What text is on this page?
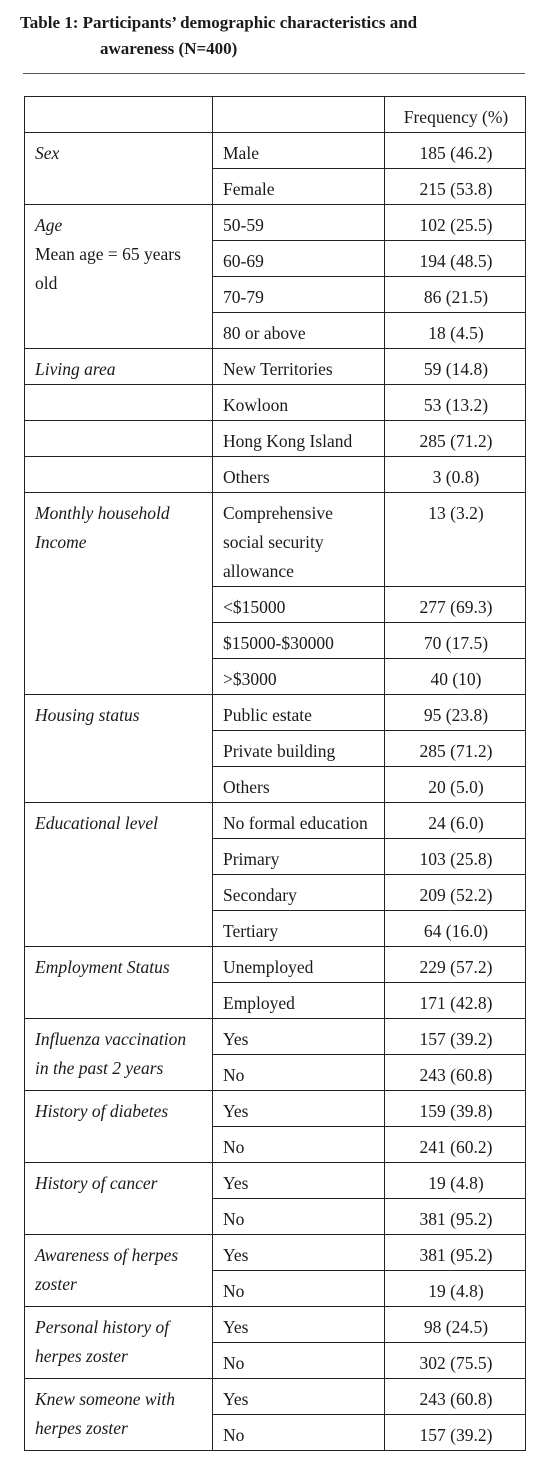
Table 1: Participants’ demographic characteristics and
awareness (N=400)
		Frequency (%)
Sex	Male	185 (46.2)
	Female	215 (53.8)

Age
Mean age = 65 years old	50-59	102 (25.5)
	60-69	194 (48.5)
	70-79	86 (21.5)
	80 or above	18 (4.5)
Living area	New Territories	59 (14.8)
	Kowloon	53 (13.2)
	Hong Kong Island	285 (71.2)
	Others	3 (0.8)
Monthly household Income	Comprehensive social security allowance	13 (3.2)
	<$15000	277 (69.3)
	$15000-$30000	70 (17.5)
	>$3000	40 (10)
Housing status	Public estate	95 (23.8)
	Private building	285 (71.2)
	Others	20 (5.0)
Educational level	No formal education	24 (6.0)
	Primary	103 (25.8)
	Secondary	209 (52.2)
	Tertiary	64 (16.0)
Employment Status	Unemployed	229 (57.2)
	Employed	171 (42.8)
Influenza vaccination in the past 2 years	Yes	157 (39.2)
	No	243 (60.8)
History of diabetes	Yes	159 (39.8)
	No	241 (60.2)
History of cancer	Yes	19 (4.8)
	No	381 (95.2)
Awareness of herpes zoster	Yes	381 (95.2)
	No	19 (4.8)
Personal history of herpes zoster	Yes	98 (24.5)
	No	302 (75.5)
Knew someone with herpes zoster	Yes	243 (60.8)
	No	157 (39.2)
